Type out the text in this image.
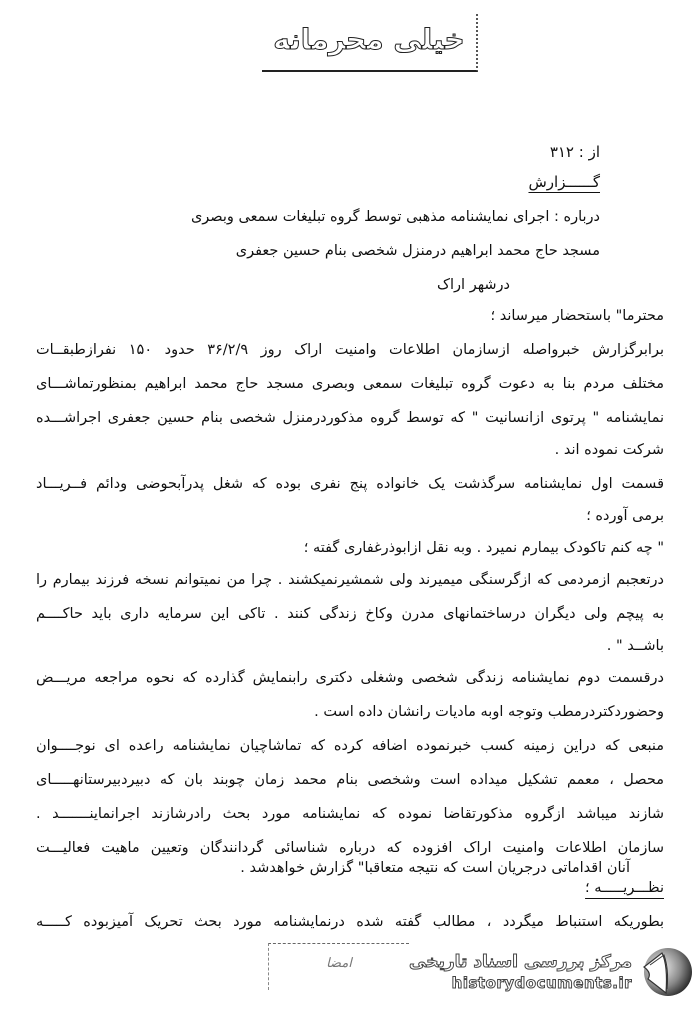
خیلی محرمانه
از : ۳۱۲
گــــــزارش
درباره : اجرای نمایشنامه مذهبی توسط گروه تبلیغات سمعی وبصری
مسجد حاج محمد ابراهیم درمنزل شخصی بنام حسین جعفری
درشهر اراک
محترما" باستحضار میرساند ؛
برابرگزارش خبرواصله ازسازمان اطلاعات وامنیت اراک روز ۳۶/۲/۹ حدود ۱۵۰ نفرازطبقــات
مختلف مردم بنا به دعوت گروه تبلیغات سمعی وبصری مسجد حاج محمد ابراهیم بمنظورتماشـــای
نمایشنامه " پرتوی ازانسانیت " که توسط گروه مذکوردرمنزل شخصی بنام حسین جعفری اجراشـــده
شرکت نموده اند .
قسمت اول نمایشنامه سرگذشت یک خانواده پنج نفری بوده که شغل پدرآبحوضی ودائم فــریـــاد
برمی آورده ؛
" چه کنم تاکودک بیمارم نمیرد . وبه نقل ازابوذرغفاری گفته ؛
درتعجبم ازمردمی که ازگرسنگی میمیرند ولی شمشیرنمیکشند . چرا من نمیتوانم نسخه فرزند بیمارم را
به پیچم ولی دیگران درساختمانهای مدرن وکاخ زندگی کنند . تاکی این سرمایه داری باید حاکــــم
باشــد " .
درقسمت دوم نمایشنامه زندگی شخصی وشغلی دکتری رابنمایش گذارده که نحوه مراجعه مریـــض
وحضوردکتردرمطب وتوجه اوبه مادیات رانشان داده است .
منبعی که دراین زمینه کسب خبرنموده اضافه کرده که تماشاچیان نمایشنامه راعده ای نوجــــوان
محصل ، معمم تشکیل میداده است وشخصی بنام محمد زمان چوبند بان که دبیردبیرستانهـــــای
شازند میباشد ازگروه مذکورتقاضا نموده که نمایشنامه مورد بحث رادرشازند اجرانماینـــــــد .
سازمان اطلاعات وامنیت اراک افزوده که درباره شناسائی گردانندگان وتعیین ماهیت فعالیـــت
آنان اقداماتی درجریان است که نتیجه متعاقبا" گزارش خواهدشد .
نظـــریـــــه ؛
بطوریکه استنباط میگردد ، مطالب گفته شده درنمایشنامه مورد بحث تحریک آمیزبوده کـــــه
امضا	مرکز بررسی اسناد تاریخی
historydocuments.ir
